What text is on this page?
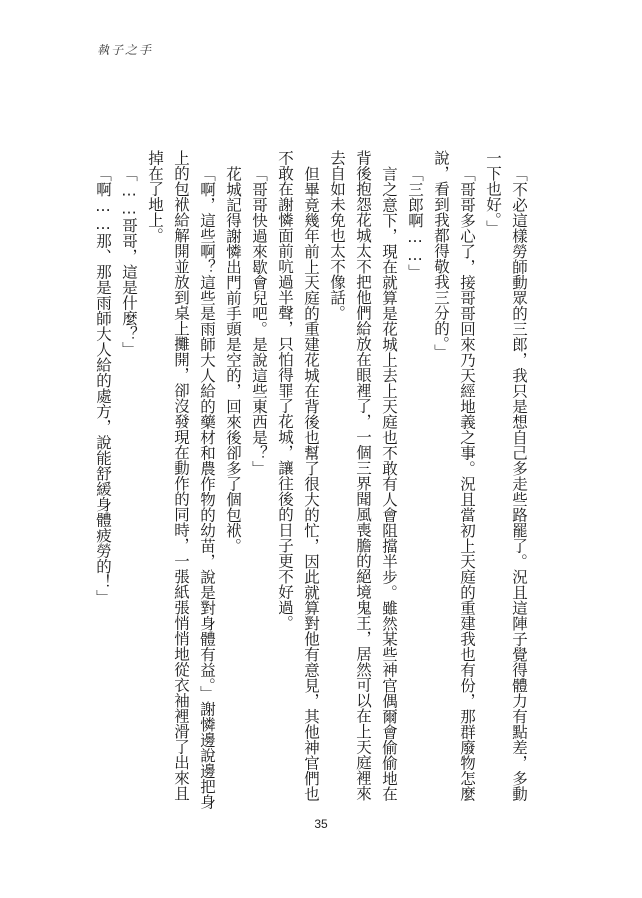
執子之手

「不必這樣勞師動眾的三郎，我只是想自己多走些路罷了。況且這陣子覺得體力有點差，多動一下也好。」

「哥哥多心了，接哥哥回來乃天經地義之事。況且當初上天庭的重建我也有份，那群廢物怎麼說，看到我都得敬我三分的。」

「三郎啊……」

言之意下，現在就算是花城上去上天庭也不敢有人會阻擋半步。雖然某些神官偶爾會偷偷地在背後抱怨花城太不把他們給放在眼裡了，一個三界聞風喪膽的絕境鬼王，居然可以在上天庭裡來去自如未免也太不像話。

但畢竟幾年前上天庭的重建花城在背後也幫了很大的忙，因此就算對他有意見，其他神官們也不敢在謝憐面前吭過半聲，只怕得罪了花城，讓往後的日子更不好過。

「哥哥快過來歇會兒吧。是說這些東西是？」

花城記得謝憐出門前手頭是空的，回來後卻多了個包袱。

「啊，這些啊？這些是雨師大人給的藥材和農作物的幼苗，說是對身體有益。」謝憐邊說邊把身上的包袱給解開並放到桌上攤開，卻沒發現在動作的同時，一張紙張悄悄地從衣袖裡滑了出來且掉在了地上。

「……哥哥，這是什麼？」

「啊……那、那是雨師大人給的處方，說能舒緩身體疲勞的！」

35
